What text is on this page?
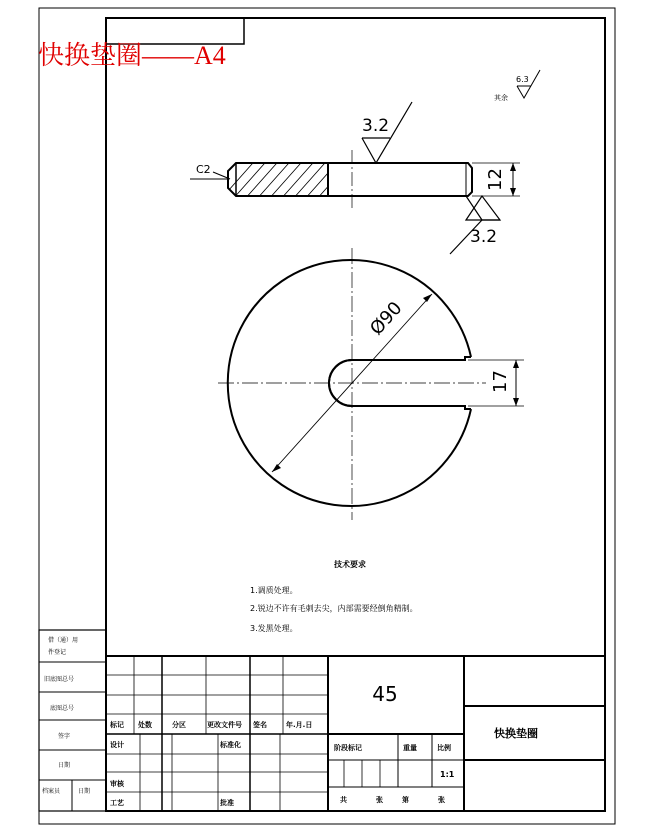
快换垫圈——A4
C2	12
3.2
3.2
其余
6.3
Ø90
17
技术要求
1.调质处理。
2.锐边不许有毛刺去尖，内部需要经倒角精制。
3.发黑处理。
借（通）用
件登记
旧底图总号
底图总号
签字
日期
档案员	日期
45
快换垫圈
标记 处数	分区	更改文件号 签名	年.月.日
设计	标准化
审核
工艺	批准
阶段标记	重量	比例
1:1
共	张	第	张
